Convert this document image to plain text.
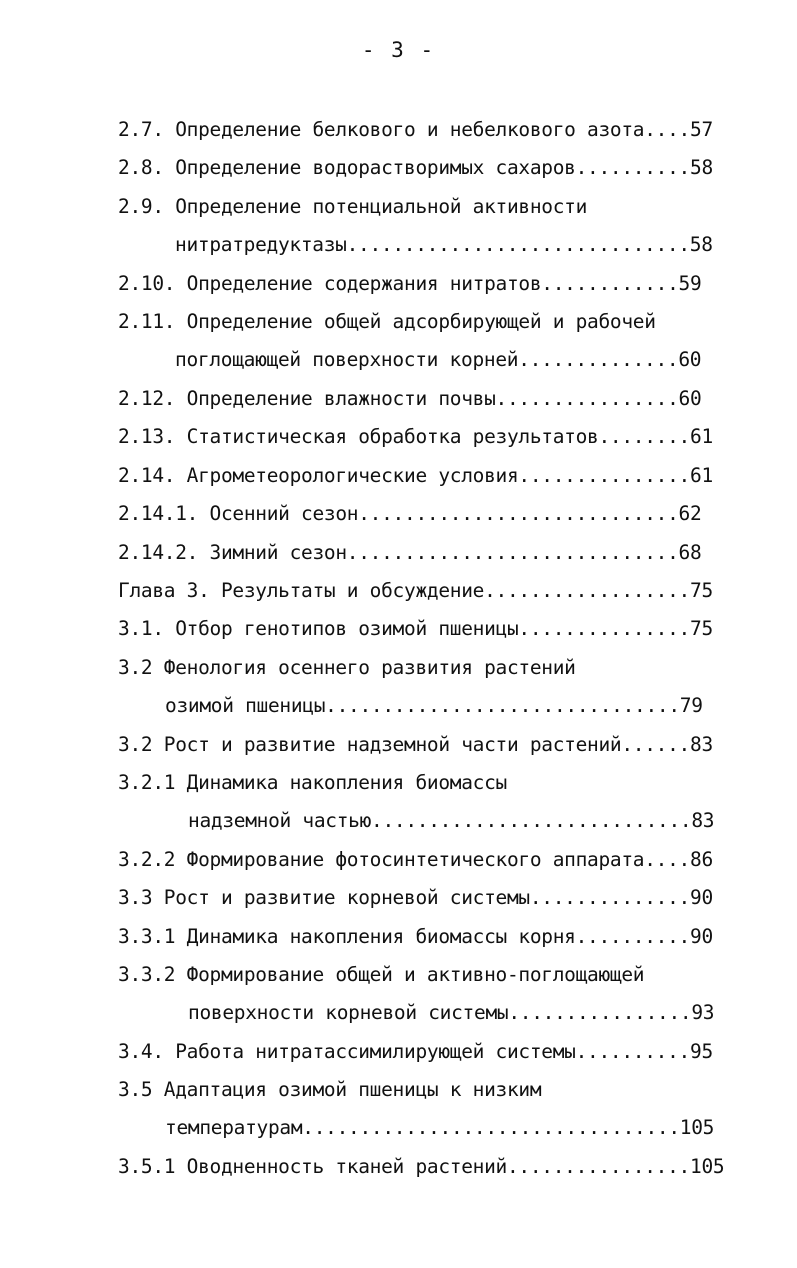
- 3 -
2.7. Определение белкового и небелкового азота....57
2.8. Определение водорастворимых сахаров..........58
2.9. Определение потенциальной активности
нитратредуктазы..............................58
2.10. Определение содержания нитратов............59
2.11. Определение общей адсорбирующей и рабочей
поглощающей поверхности корней..............60
2.12. Определение влажности почвы................60
2.13. Статистическая обработка результатов........61
2.14. Агрометеорологические условия...............61
2.14.1. Осенний сезон............................62
2.14.2. Зимний сезон.............................68
Глава 3. Результаты и обсуждение..................75
3.1. Отбор генотипов озимой пшеницы...............75
3.2 Фенология осеннего развития растений
озимой пшеницы...............................79
3.2 Рост и развитие надземной части растений......83
3.2.1 Динамика накопления биомассы
надземной частью............................83
3.2.2 Формирование фотосинтетического аппарата....86
3.3 Рост и развитие корневой системы..............90
3.3.1 Динамика накопления биомассы корня..........90
3.3.2 Формирование общей и активно-поглощающей
поверхности корневой системы................93
3.4. Работа нитратассимилирующей системы..........95
3.5 Адаптация озимой пшеницы к низким
температурам.................................105
3.5.1 Оводненность тканей растений................105
